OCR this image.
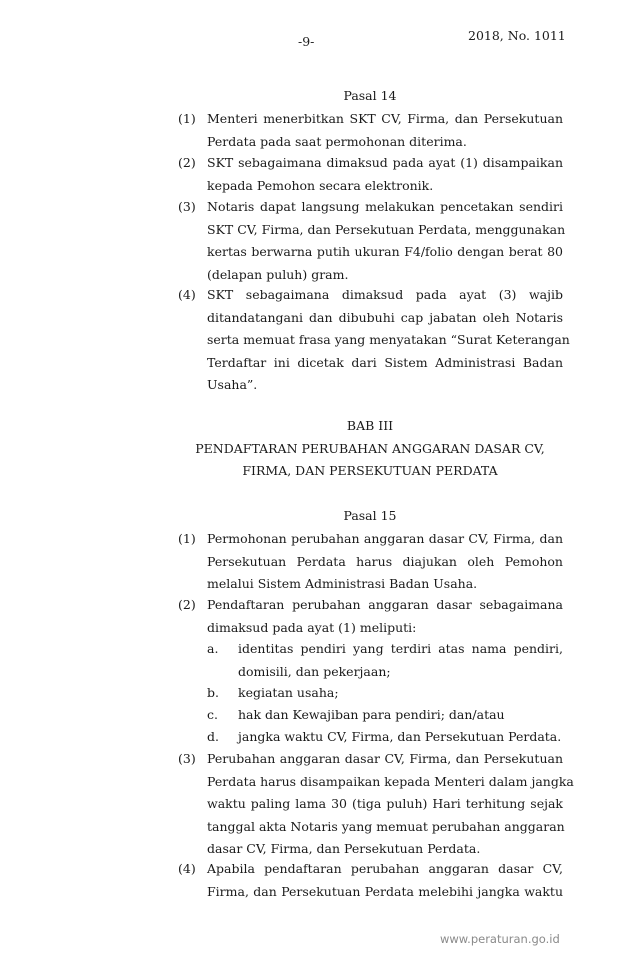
-9-	2018, No. 1011
Pasal 14
(1) Menteri menerbitkan SKT CV, Firma, dan Persekutuan
Perdata pada saat permohonan diterima.
(2) SKT sebagaimana dimaksud pada ayat (1) disampaikan
kepada Pemohon secara elektronik.
(3) Notaris dapat langsung melakukan pencetakan sendiri
SKT CV, Firma, dan Persekutuan Perdata, menggunakan
kertas berwarna putih ukuran F4/folio dengan berat 80
(delapan puluh) gram.
(4) SKT sebagaimana dimaksud pada ayat (3) wajib
ditandatangani dan dibubuhi cap jabatan oleh Notaris
serta memuat frasa yang menyatakan “Surat Keterangan
Terdaftar ini dicetak dari Sistem Administrasi Badan
Usaha”.
BAB III
PENDAFTARAN PERUBAHAN ANGGARAN DASAR CV,
FIRMA, DAN PERSEKUTUAN PERDATA
Pasal 15
(1) Permohonan perubahan anggaran dasar CV, Firma, dan
Persekutuan Perdata harus diajukan oleh Pemohon
melalui Sistem Administrasi Badan Usaha.
(2) Pendaftaran perubahan anggaran dasar sebagaimana
dimaksud pada ayat (1) meliputi:
a. identitas pendiri yang terdiri atas nama pendiri,
domisili, dan pekerjaan;
b. kegiatan usaha;
c. hak dan Kewajiban para pendiri; dan/atau
d. jangka waktu CV, Firma, dan Persekutuan Perdata.
(3) Perubahan anggaran dasar CV, Firma, dan Persekutuan
Perdata harus disampaikan kepada Menteri dalam jangka
waktu paling lama 30 (tiga puluh) Hari terhitung sejak
tanggal akta Notaris yang memuat perubahan anggaran
dasar CV, Firma, dan Persekutuan Perdata.
(4) Apabila pendaftaran perubahan anggaran dasar CV,
Firma, dan Persekutuan Perdata melebihi jangka waktu
www.peraturan.go.id
